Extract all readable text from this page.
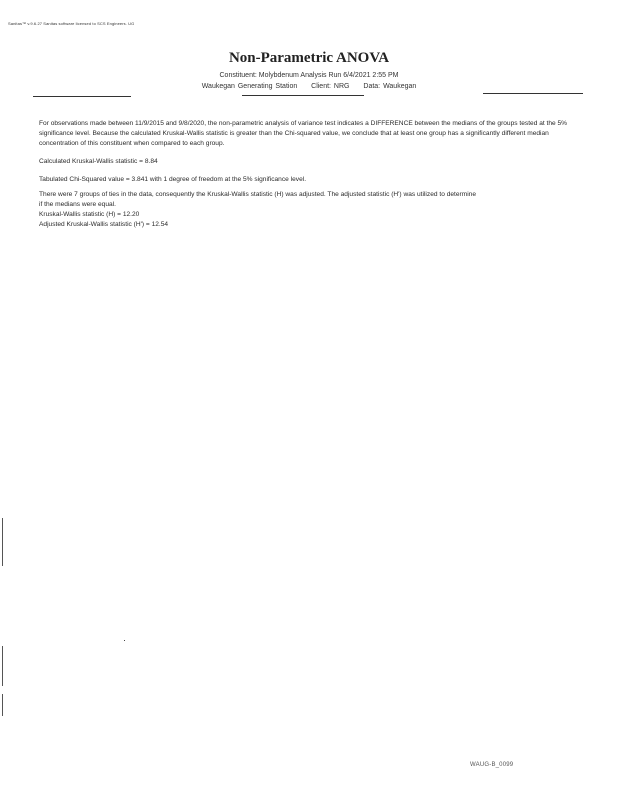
Sanitas™ v.9.6.27 Sanitas software licensed to SCS Engineers. UG
Non-Parametric ANOVA
Constituent: Molybdenum Analysis Run 6/4/2021 2:55 PM
Waukegan Generating Station Client: NRG Data: Waukegan

For observations made between 11/9/2015 and 9/8/2020, the non-parametric analysis of variance test indicates a DIFFERENCE between the medians of the groups tested at the 5% significance level. Because the calculated Kruskal-Wallis statistic is greater than the Chi-squared value, we conclude that at least one group has a significantly different median concentration of this constituent when compared to each group.

Calculated Kruskal-Wallis statistic = 8.84

Tabulated Chi-Squared value = 3.841 with 1 degree of freedom at the 5% significance level.

There were 7 groups of ties in the data, consequently the Kruskal-Wallis statistic (H) was adjusted. The adjusted statistic (H') was utilized to determine

if the medians were equal.

Kruskal-Wallis statistic (H) = 12.20

Adjusted Kruskal-Wallis statistic (H') = 12.54

WAUG-B_0099
